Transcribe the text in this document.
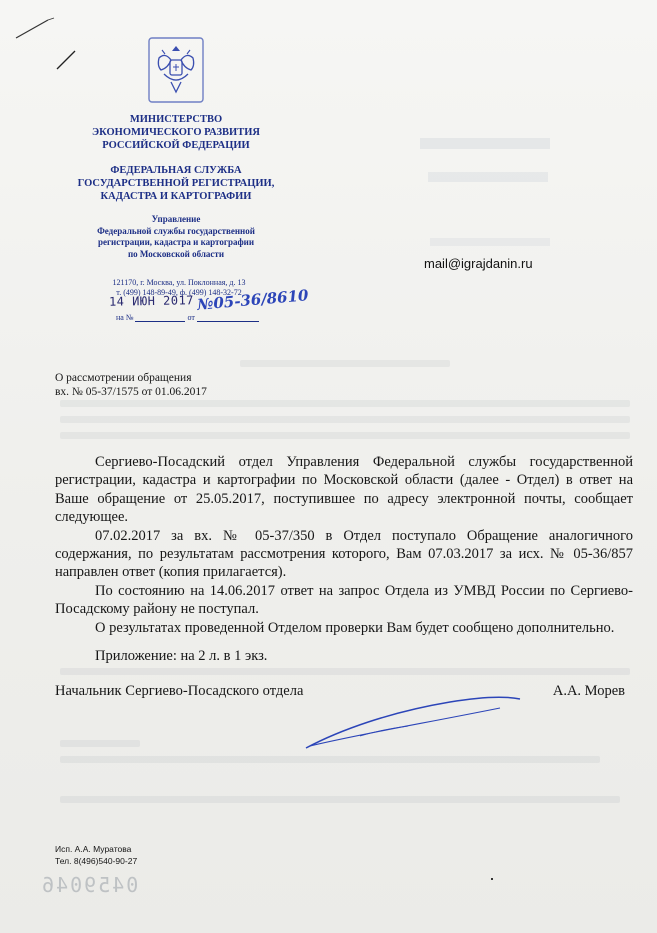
МИНИСТЕРСТВО
ЭКОНОМИЧЕСКОГО РАЗВИТИЯ
РОССИЙСКОЙ ФЕДЕРАЦИИ
ФЕДЕРАЛЬНАЯ СЛУЖБА
ГОСУДАРСТВЕННОЙ РЕГИСТРАЦИИ,
КАДАСТРА И КАРТОГРАФИИ
Управление
Федеральной службы государственной
регистрации, кадастра и картографии
по Московской области
121170, г. Москва, ул. Поклонная, д. 13
т. (499) 148-89-49, ф. (499) 148-32-72
14 ИЮН 2017 №05-36/8610
на №	от
mail@igrajdanin.ru
О рассмотрении обращения
вх. № 05-37/1575 от 01.06.2017

Сергиево-Посадский отдел Управления Федеральной службы государственной регистрации, кадастра и картографии по Московской области (далее - Отдел) в ответ на Ваше обращение от 25.05.2017, поступившее по адресу электронной почты, сообщает следующее.

07.02.2017 за вх. № 05-37/350 в Отдел поступало Обращение аналогичного содержания, по результатам рассмотрения которого, Вам 07.03.2017 за исх. № 05-36/857 направлен ответ (копия прилагается).

По состоянию на 14.06.2017 ответ на запрос Отдела из УМВД России по Сергиево-Посадскому району не поступал.

О результатах проведенной Отделом проверки Вам будет сообщено дополнительно.

Приложение: на 2 л. в 1 экз.

Начальник Сергиево-Посадского отдела	А.А. Морев
Исп. А.А. Муратова
Тел. 8(496)540-90-27
0459046
